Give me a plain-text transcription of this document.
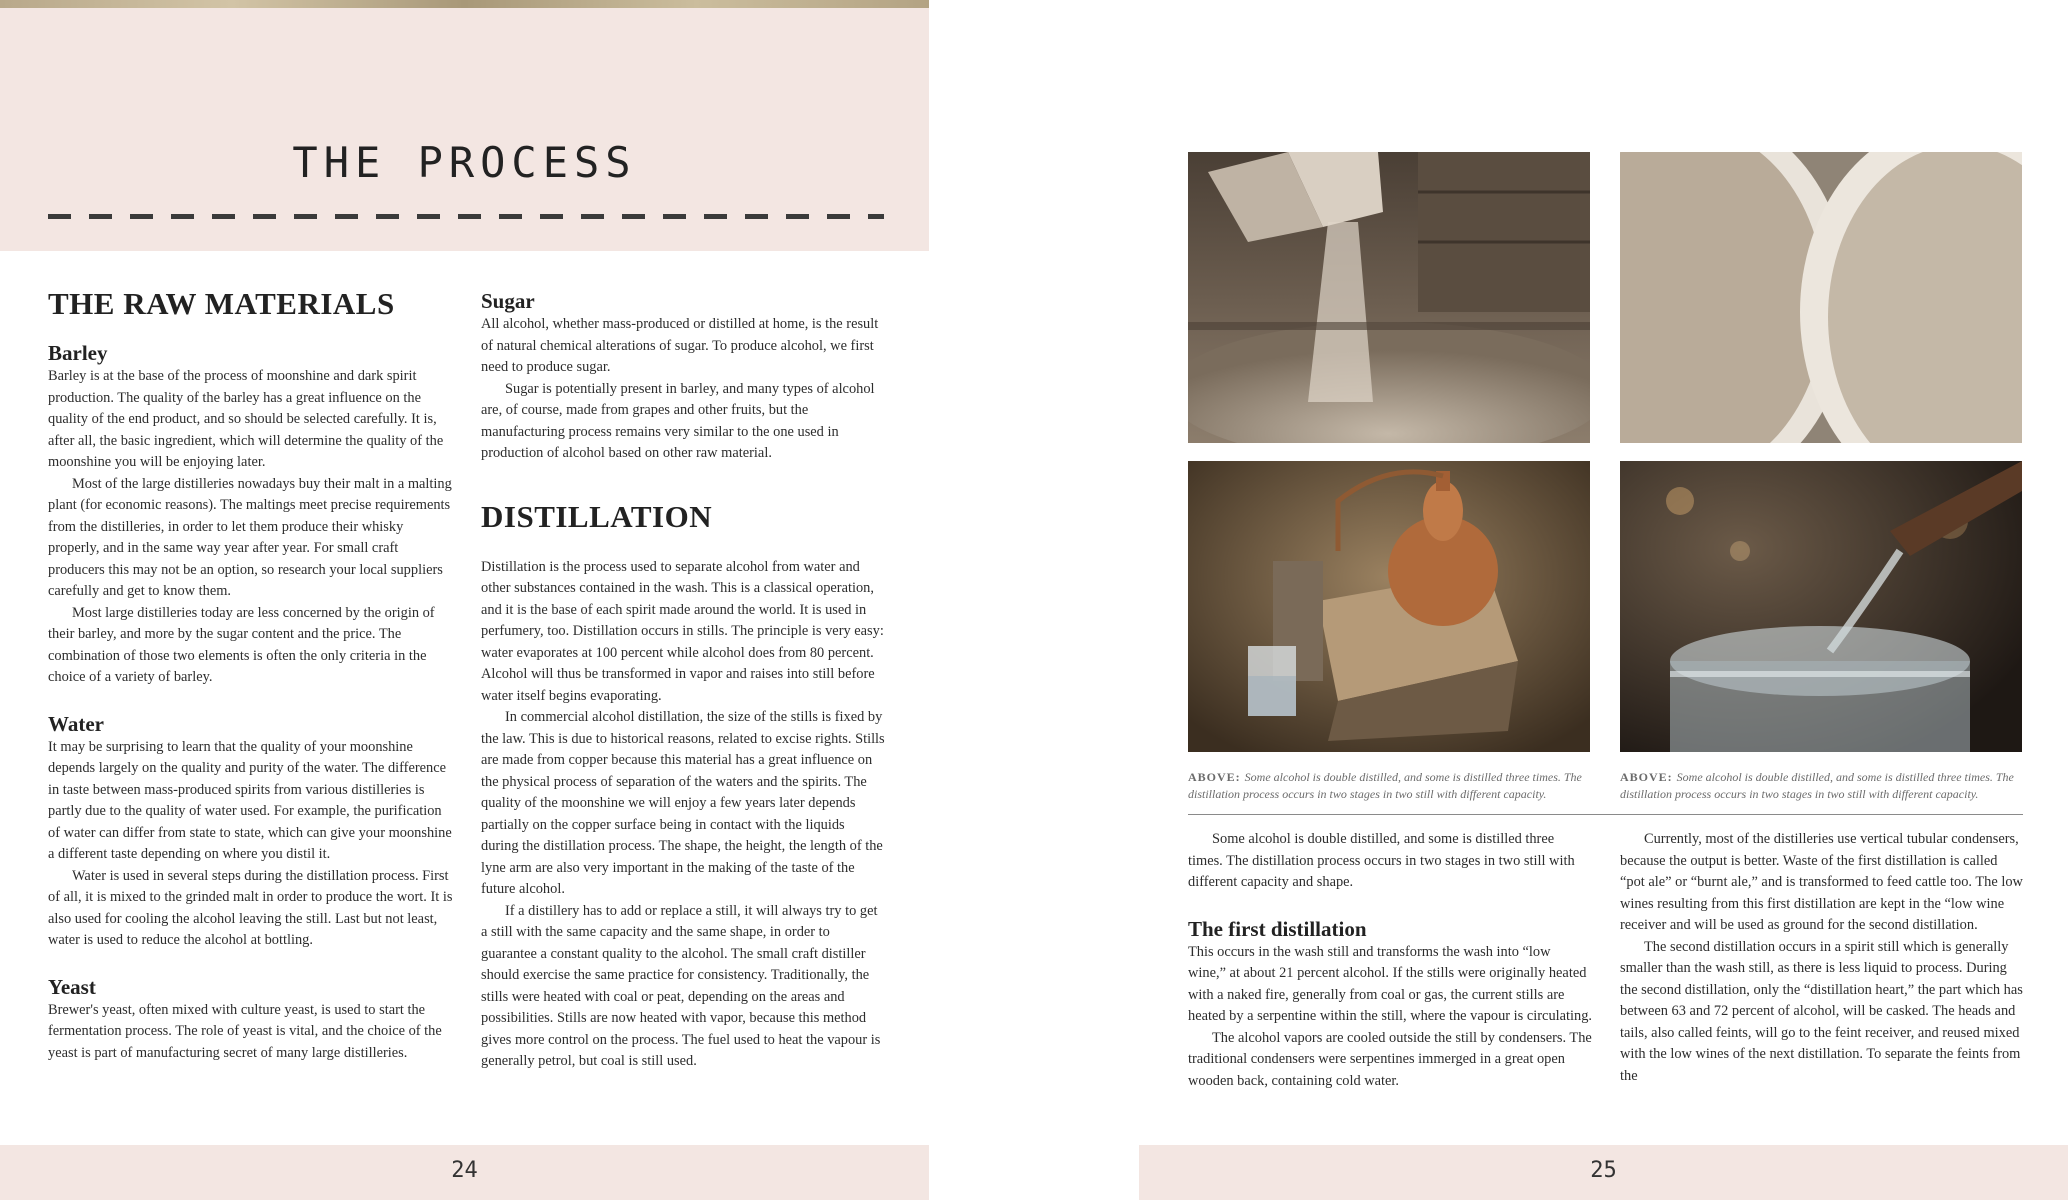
THE PROCESS
THE RAW MATERIALS
Barley

Barley is at the base of the process of moonshine and dark spirit production. The quality of the barley has a great influence on the quality of the end product, and so should be selected carefully. It is, after all, the basic ingredient, which will determine the quality of the moonshine you will be enjoying later.

Most of the large distilleries nowadays buy their malt in a malting plant (for economic reasons). The maltings meet precise requirements from the distilleries, in order to let them produce their whisky properly, and in the same way year after year. For small craft producers this may not be an option, so research your local suppliers carefully and get to know them.

Most large distilleries today are less concerned by the origin of their barley, and more by the sugar content and the price. The combination of those two elements is often the only criteria in the choice of a variety of barley.

Water

It may be surprising to learn that the quality of your moonshine depends largely on the quality and purity of the water. The difference in taste between mass-produced spirits from various distilleries is partly due to the quality of water used. For example, the purification of water can differ from state to state, which can give your moonshine a different taste depending on where you distil it.

Water is used in several steps during the distillation process. First of all, it is mixed to the grinded malt in order to produce the wort. It is also used for cooling the alcohol leaving the still. Last but not least, water is used to reduce the alcohol at bottling.

Yeast

Brewer's yeast, often mixed with culture yeast, is used to start the fermentation process. The role of yeast is vital, and the choice of the yeast is part of manufacturing secret of many large distilleries.

Sugar

All alcohol, whether mass-produced or distilled at home, is the result of natural chemical alterations of sugar. To produce alcohol, we first need to produce sugar.

Sugar is potentially present in barley, and many types of alcohol are, of course, made from grapes and other fruits, but the manufacturing process remains very similar to the one used in production of alcohol based on other raw material.

DISTILLATION

Distillation is the process used to separate alcohol from water and other substances contained in the wash. This is a classical operation, and it is the base of each spirit made around the world. It is used in perfumery, too. Distillation occurs in stills. The principle is very easy: water evaporates at 100 percent while alcohol does from 80 percent. Alcohol will thus be transformed in vapor and raises into still before water itself begins evaporating.

In commercial alcohol distillation, the size of the stills is fixed by the law. This is due to historical reasons, related to excise rights. Stills are made from copper because this material has a great influence on the physical process of separation of the waters and the spirits. The quality of the moonshine we will enjoy a few years later depends partially on the copper surface being in contact with the liquids during the distillation process. The shape, the height, the length of the lyne arm are also very important in the making of the taste of the future alcohol.

If a distillery has to add or replace a still, it will always try to get a still with the same capacity and the same shape, in order to guarantee a constant quality to the alcohol. The small craft distiller should exercise the same practice for consistency. Traditionally, the stills were heated with coal or peat, depending on the areas and possibilities. Stills are now heated with vapor, because this method gives more control on the process. The fuel used to heat the vapour is generally petrol, but coal is still used.

24
ABOVE: Some alcohol is double distilled, and some is distilled three times. The distillation process occurs in two stages in two still with different capacity.
ABOVE: Some alcohol is double distilled, and some is distilled three times. The distillation process occurs in two stages in two still with different capacity.

Some alcohol is double distilled, and some is distilled three times. The distillation process occurs in two stages in two still with different capacity and shape.

The first distillation

This occurs in the wash still and transforms the wash into “low wine,” at about 21 percent alcohol. If the stills were originally heated with a naked fire, generally from coal or gas, the current stills are heated by a serpentine within the still, where the vapour is circulating.

The alcohol vapors are cooled outside the still by condensers. The traditional condensers were serpentines immerged in a great open wooden back, containing cold water.

Currently, most of the distilleries use vertical tubular condensers, because the output is better. Waste of the first distillation is called “pot ale” or “burnt ale,” and is transformed to feed cattle too. The low wines resulting from this first distillation are kept in the “low wine receiver and will be used as ground for the second distillation.

The second distillation occurs in a spirit still which is generally smaller than the wash still, as there is less liquid to process. During the second distillation, only the “distillation heart,” the part which has between 63 and 72 percent of alcohol, will be casked. The heads and tails, also called feints, will go to the feint receiver, and reused mixed with the low wines of the next distillation. To separate the feints from the

25
